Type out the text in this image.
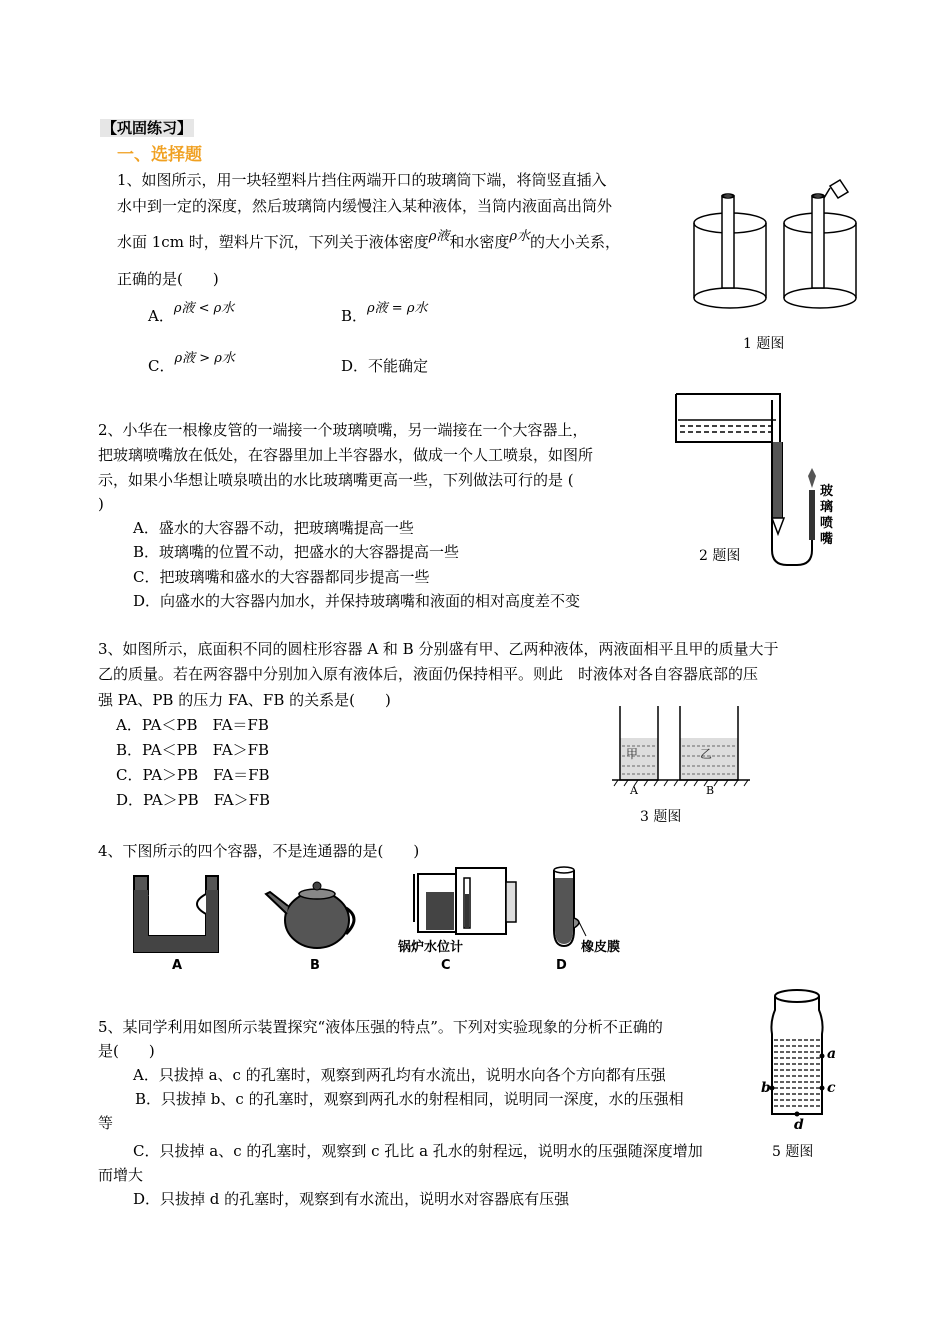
【巩固练习】
一、选择题
1、如图所示，用一块轻塑料片挡住两端开口的玻璃筒下端，将筒竖直插入
水中到一定的深度，然后玻璃筒内缓慢注入某种液体，当筒内液面高出筒外
水面 1cm 时，塑料片下沉，下列关于液体密度ρ液和水密度ρ水的大小关系，
正确的是(　　)
A．ρ液 < ρ水	B．ρ液 = ρ水
C．ρ液 > ρ水	D．不能确定
1 题图
2、小华在一根橡皮管的一端接一个玻璃喷嘴，另一端接在一个大容器上，
把玻璃喷嘴放在低处，在容器里加上半容器水，做成一个人工喷泉，如图所
示，如果小华想让喷泉喷出的水比玻璃嘴更高一些，下列做法可行的是 (
)
A．盛水的大容器不动，把玻璃嘴提高一些
B．玻璃嘴的位置不动，把盛水的大容器提高一些
C．把玻璃嘴和盛水的大容器都同步提高一些
D．向盛水的大容器内加水，并保持玻璃嘴和液面的相对高度差不变
玻璃喷嘴
2 题图
3、如图所示，底面积不同的圆柱形容器 A 和 B 分别盛有甲、乙两种液体，两液面相平且甲的质量大于
乙的质量。若在两容器中分别加入原有液体后，液面仍保持相平。则此　时液体对各自容器底部的压
强 PA、PB 的压力 FA、FB 的关系是(　　)
A．PA＜PB　FA＝FB
B．PA＜PB　FA＞FB
C．PA＞PB　FA＝FB
D．PA＞PB　FA＞FB
甲	乙
A	B
3 题图
4、下图所示的四个容器，不是连通器的是(　　)
A	B
锅炉水位计
C
橡皮膜
D
5、某同学利用如图所示装置探究“液体压强的特点”。下列对实验现象的分析不正确的
是(　　)
A．只拔掉 a、c 的孔塞时，观察到两孔均有水流出，说明水向各个方向都有压强
B．只拔掉 b、c 的孔塞时，观察到两孔水的射程相同，说明同一深度，水的压强相
等
C．只拔掉 a、c 的孔塞时，观察到 c 孔比 a 孔水的射程远，说明水的压强随深度增加
而增大
D．只拔掉 d 的孔塞时，观察到有水流出，说明水对容器底有压强
a
b	c
d
5 题图
